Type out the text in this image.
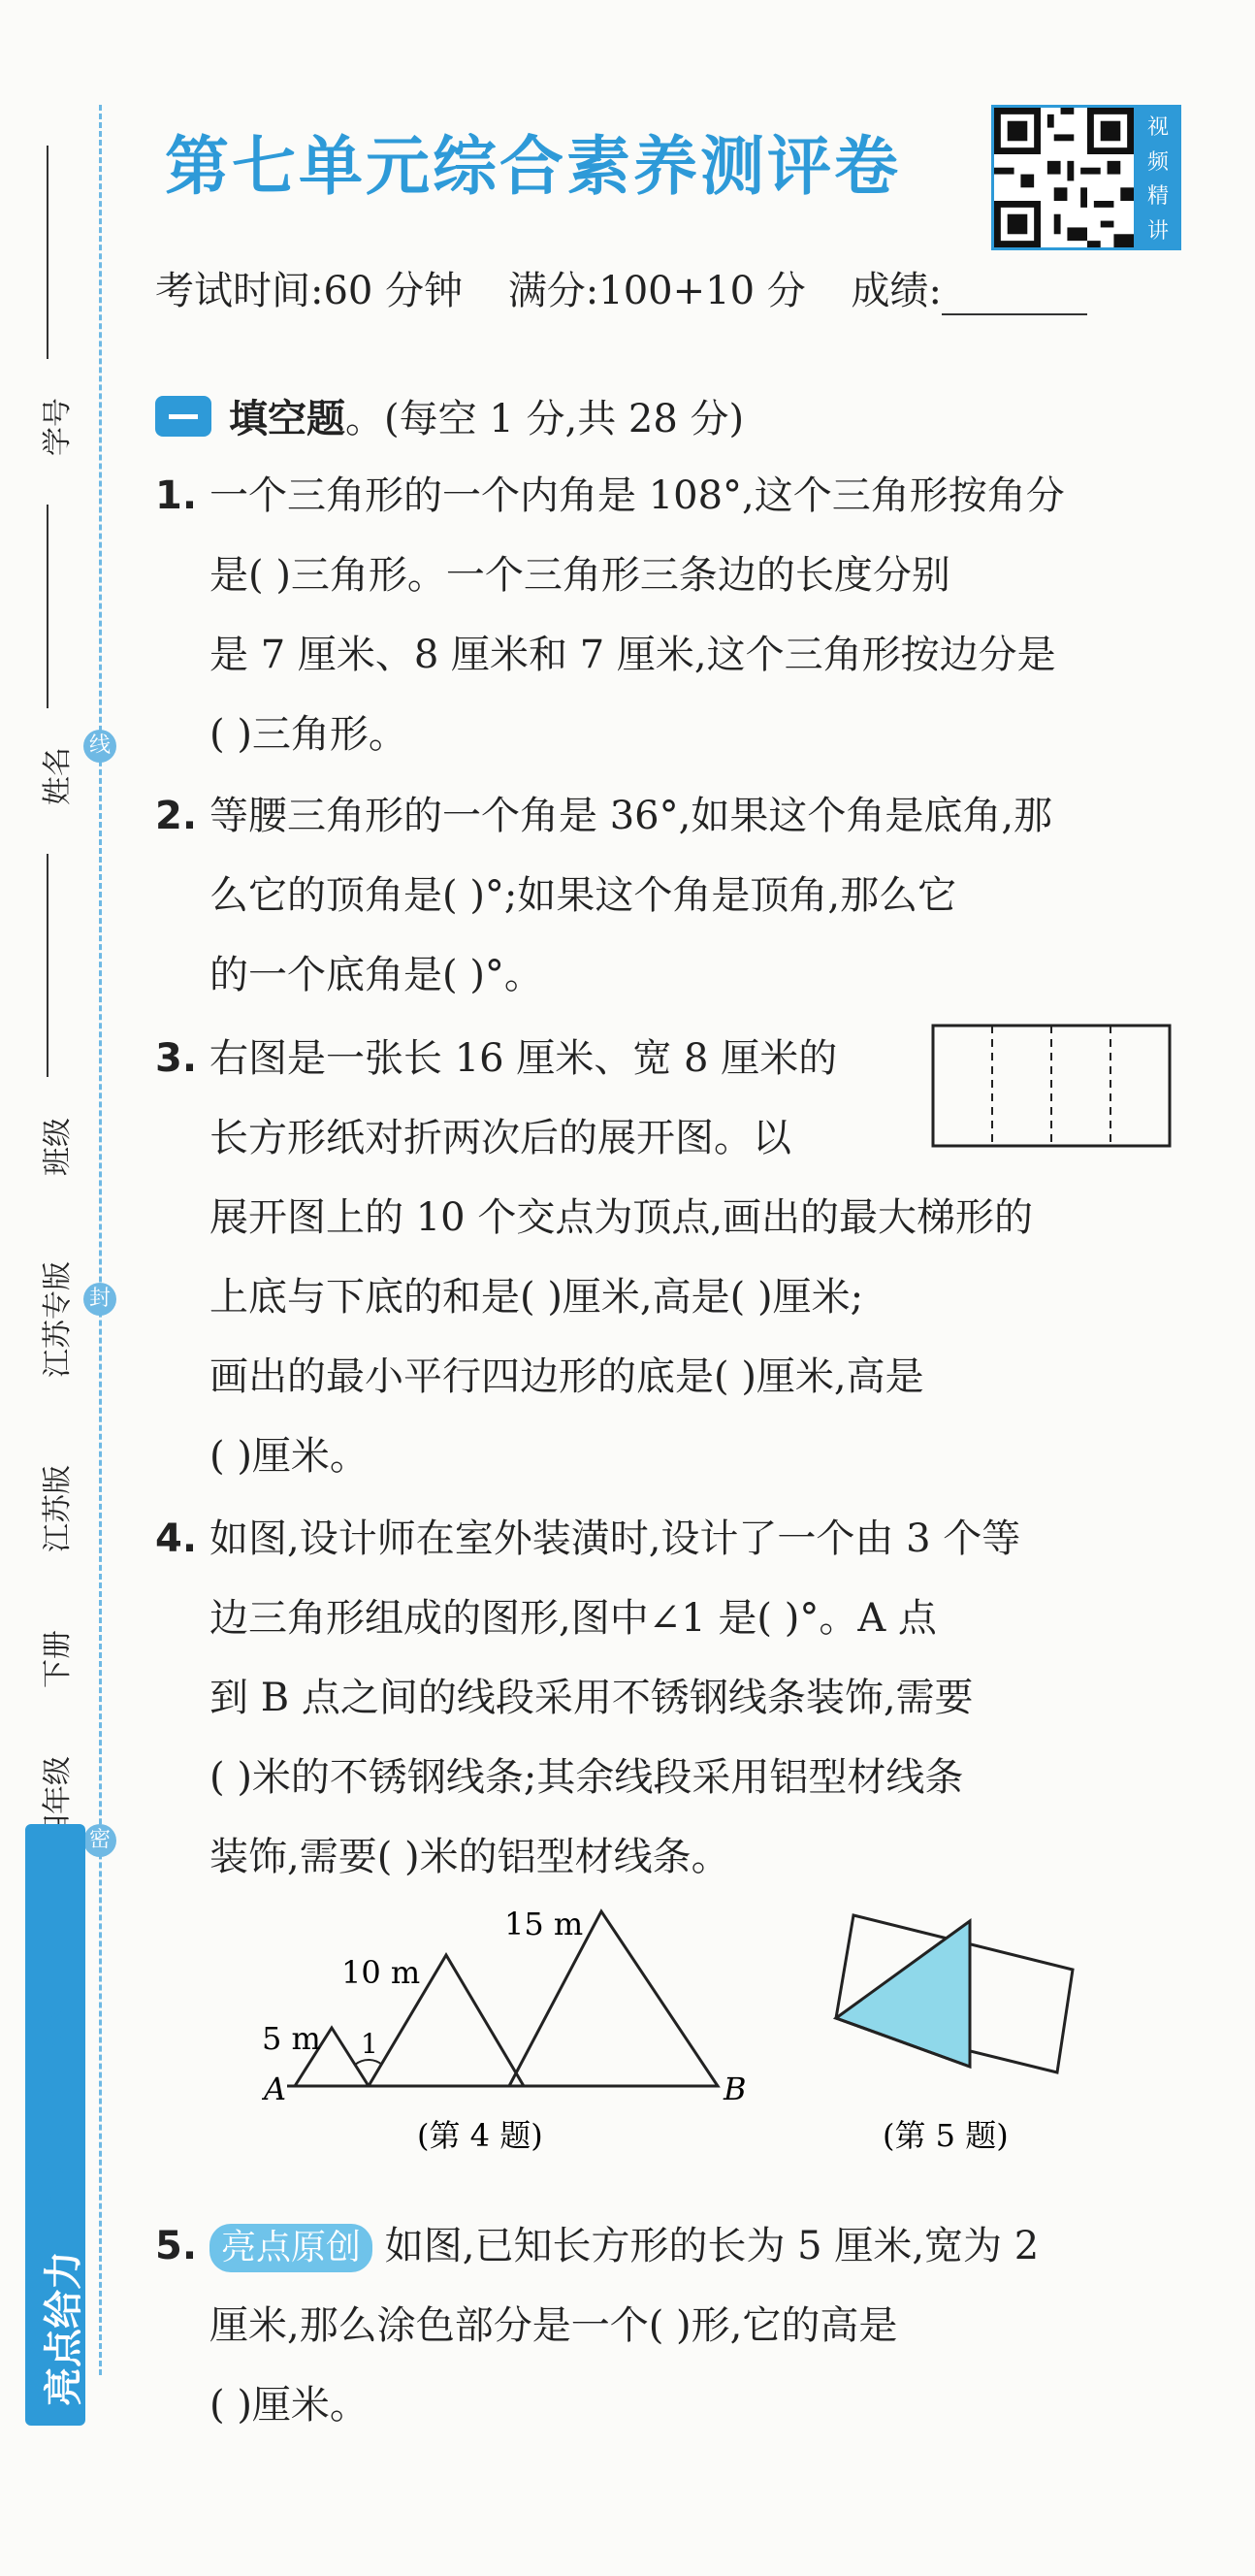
学号
姓名
线
班级
江苏专版 封
江苏版
下册
密
亮点给力
提优课时作业本
第七单元综合素养测评卷
视
频
精
讲
考试时间:60 分钟 满分:100+10 分 成绩:
填空题 。(每空 1 分,共 28 分)
1. 一个三角形的一个内角是 108°,这个三角形按角分
是( )三角形。一个三角形三条边的长度分别
是 7 厘米、8 厘米和 7 厘米,这个三角形按边分是
( )三角形。
2. 等腰三角形的一个角是 36°,如果这个角是底角,那
么它的顶角是( )°;如果这个角是顶角,那么它
的一个底角是( )°。
3. 右图是一张长 16 厘米、宽 8 厘米的
长方形纸对折两次后的展开图。以
展开图上的 10 个交点为顶点,画出的最大梯形的
上底与下底的和是( )厘米,高是( )厘米;
画出的最小平行四边形的底是( )厘米,高是
( )厘米。
4. 如图,设计师在室外装潢时,设计了一个由 3 个等
边三角形组成的图形,图中∠1 是( )°。A 点
到 B 点之间的线段采用不锈钢线条装饰,需要
( )米的不锈钢线条;其余线段采用铝型材线条
装饰,需要( )米的铝型材线条。
1
5 m
10 m
15 m
A	B
(第 4 题)	(第 5 题)
5. 亮点原创 如图,已知长方形的长为 5 厘米,宽为 2
厘米,那么涂色部分是一个( )形,它的高是
( )厘米。
